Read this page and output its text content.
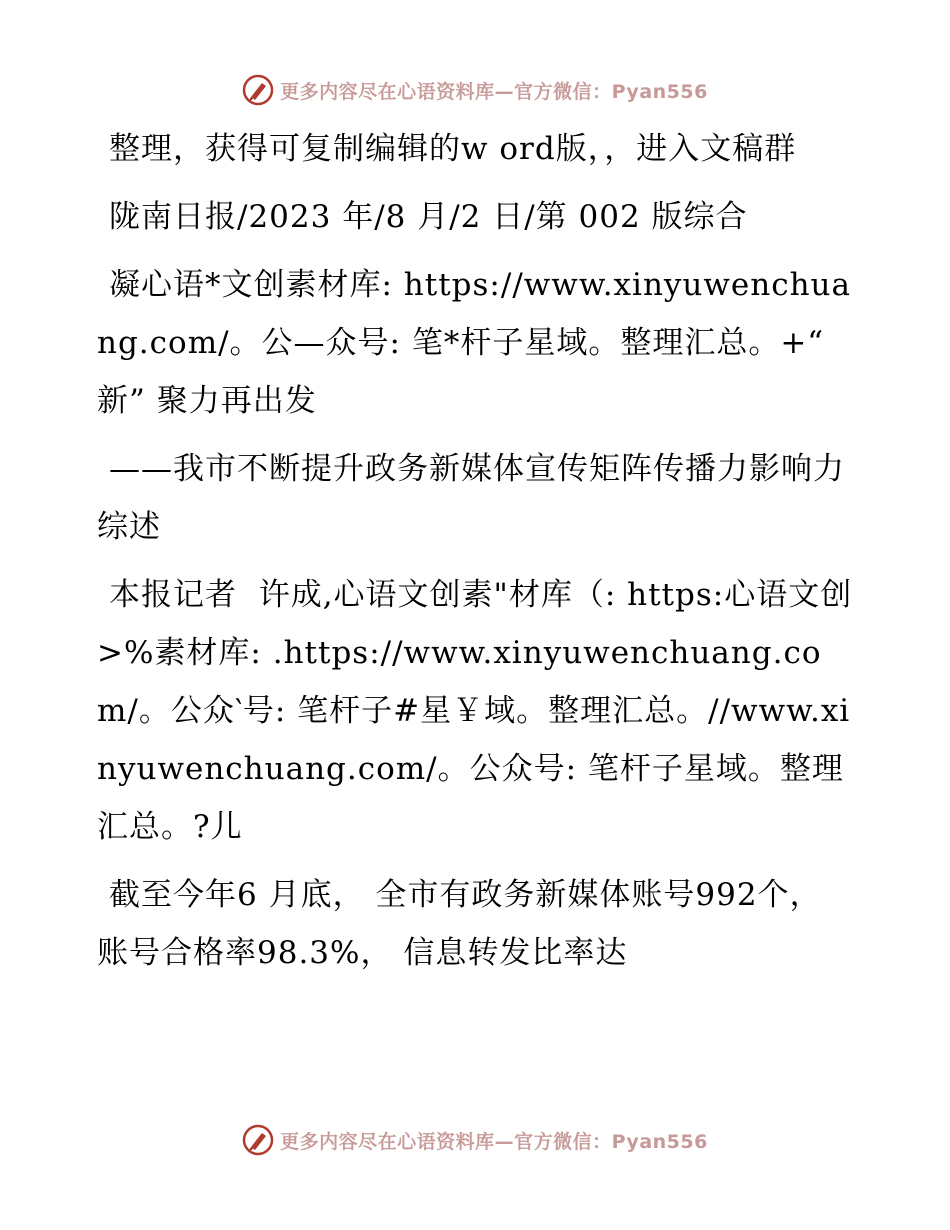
更多内容尽在心语资料库—官方微信：Pyan556

整理，获得可复制编辑的w ord版，，进入文稿群

陇南日报/2023 年/8 月/2 日/第 002 版综合

凝心语*文创素材库: https://www.xinyuwenchuang.com/。公—众号: 笔*杆子星域。整理汇总。+“ 新” 聚力再出发

——我市不断提升政务新媒体宣传矩阵传播力影响力综述

本报记者  许成,心语文创素"材库（: https:心语文创>%素材库: .https://www.xinyuwenchuang.com/。公众‵号: 笔杆子#星￥域。整理汇总。//www.xinyuwenchuang.com/。公众号: 笔杆子星域。整理汇总。?儿

截至今年6 月底， 全市有政务新媒体账号992个， 账号合格率98.3%， 信息转发比率达

更多内容尽在心语资料库—官方微信：Pyan556
